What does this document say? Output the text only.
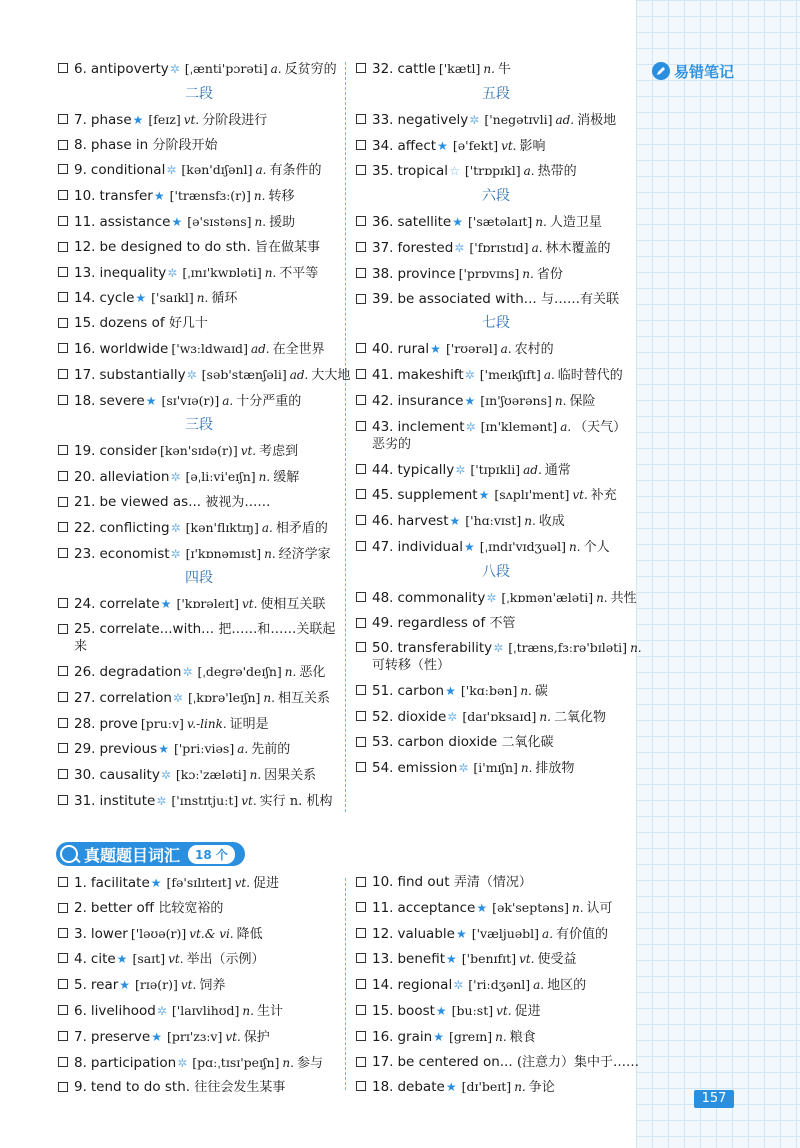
易错笔记
6. antipoverty✲ [ˌænti'pɔrəti] a. 反贫穷的
二段
7. phase★ [feɪz] vt. 分阶段进行
8. phase in 分阶段开始
9. conditional✲ [kən'dɪʃənl] a. 有条件的
10. transfer★ ['trænsfɜː(r)] n. 转移
11. assistance★ [ə'sɪstəns] n. 援助
12. be designed to do sth. 旨在做某事
13. inequality✲ [ˌɪnɪ'kwɒləti] n. 不平等
14. cycle★ ['saɪkl] n. 循环
15. dozens of 好几十
16. worldwide ['wɜːldwaɪd] ad. 在全世界
17. substantially✲ [səb'stænʃəli] ad. 大大地
18. severe★ [sɪ'vɪə(r)] a. 十分严重的
三段
19. consider [kən'sɪdə(r)] vt. 考虑到
20. alleviation✲ [əˌliːvi'eɪʃn] n. 缓解
21. be viewed as... 被视为……
22. conflicting✲ [kən'flɪktɪŋ] a. 相矛盾的
23. economist✲ [ɪ'kɒnəmɪst] n. 经济学家
四段
24. correlate★ ['kɒrəleɪt] vt. 使相互关联
25. correlate...with... 把……和……关联起来
26. degradation✲ [ˌdegrə'deɪʃn] n. 恶化
27. correlation✲ [ˌkɒrə'leɪʃn] n. 相互关系
28. prove [pruːv] v.-link. 证明是
29. previous★ ['priːviəs] a. 先前的
30. causality✲ [kɔː'zæləti] n. 因果关系
31. institute✲ ['ɪnstɪtjuːt] vt. 实行 n. 机构
32. cattle ['kætl] n. 牛
五段
33. negatively✲ ['negətɪvli] ad. 消极地
34. affect★ [ə'fekt] vt. 影响
35. tropical☆ ['trɒpɪkl] a. 热带的
六段
36. satellite★ ['sætəlaɪt] n. 人造卫星
37. forested✲ ['fɒrɪstɪd] a. 林木覆盖的
38. province ['prɒvɪns] n. 省份
39. be associated with... 与……有关联
七段
40. rural★ ['rʊərəl] a. 农村的
41. makeshift✲ ['meɪkʃɪft] a. 临时替代的
42. insurance★ [ɪn'ʃʊərəns] n. 保险
43. inclement✲ [ɪn'klemənt] a. （天气）恶劣的
44. typically✲ ['tɪpɪkli] ad. 通常
45. supplement★ [sʌplɪ'ment] vt. 补充
46. harvest★ ['hɑːvɪst] n. 收成
47. individual★ [ˌɪndɪ'vɪdʒuəl] n. 个人
八段
48. commonality✲ [ˌkɒmən'æləti] n. 共性
49. regardless of 不管
50. transferability✲ [ˌtræns,fɜːrə'bɪləti] n.可转移（性）
51. carbon★ ['kɑːbən] n. 碳
52. dioxide✲ [daɪ'ɒksaɪd] n. 二氧化物
53. carbon dioxide 二氧化碳
54. emission✲ [i'mɪʃn] n. 排放物
真题题目词汇	18 个
1. facilitate★ [fə'sɪlɪteɪt] vt. 促进
2. better off 比较宽裕的
3. lower ['ləʊə(r)] vt.& vi. 降低
4. cite★ [saɪt] vt. 举出（示例）
5. rear★ [rɪə(r)] vt. 饲养
6. livelihood✲ ['laɪvlihʊd] n. 生计
7. preserve★ [prɪ'zɜːv] vt. 保护
8. participation✲ [pɑːˌtɪsɪ'peɪʃn] n. 参与
9. tend to do sth. 往往会发生某事
10. find out 弄清（情况）
11. acceptance★ [ək'septəns] n. 认可
12. valuable★ ['væljuəbl] a. 有价值的
13. benefit★ ['benɪfɪt] vt. 使受益
14. regional✲ ['riːdʒənl] a. 地区的
15. boost★ [buːst] vt. 促进
16. grain★ [greɪn] n. 粮食
17. be centered on... (注意力）集中于……
18. debate★ [dɪ'beɪt] n. 争论
157
